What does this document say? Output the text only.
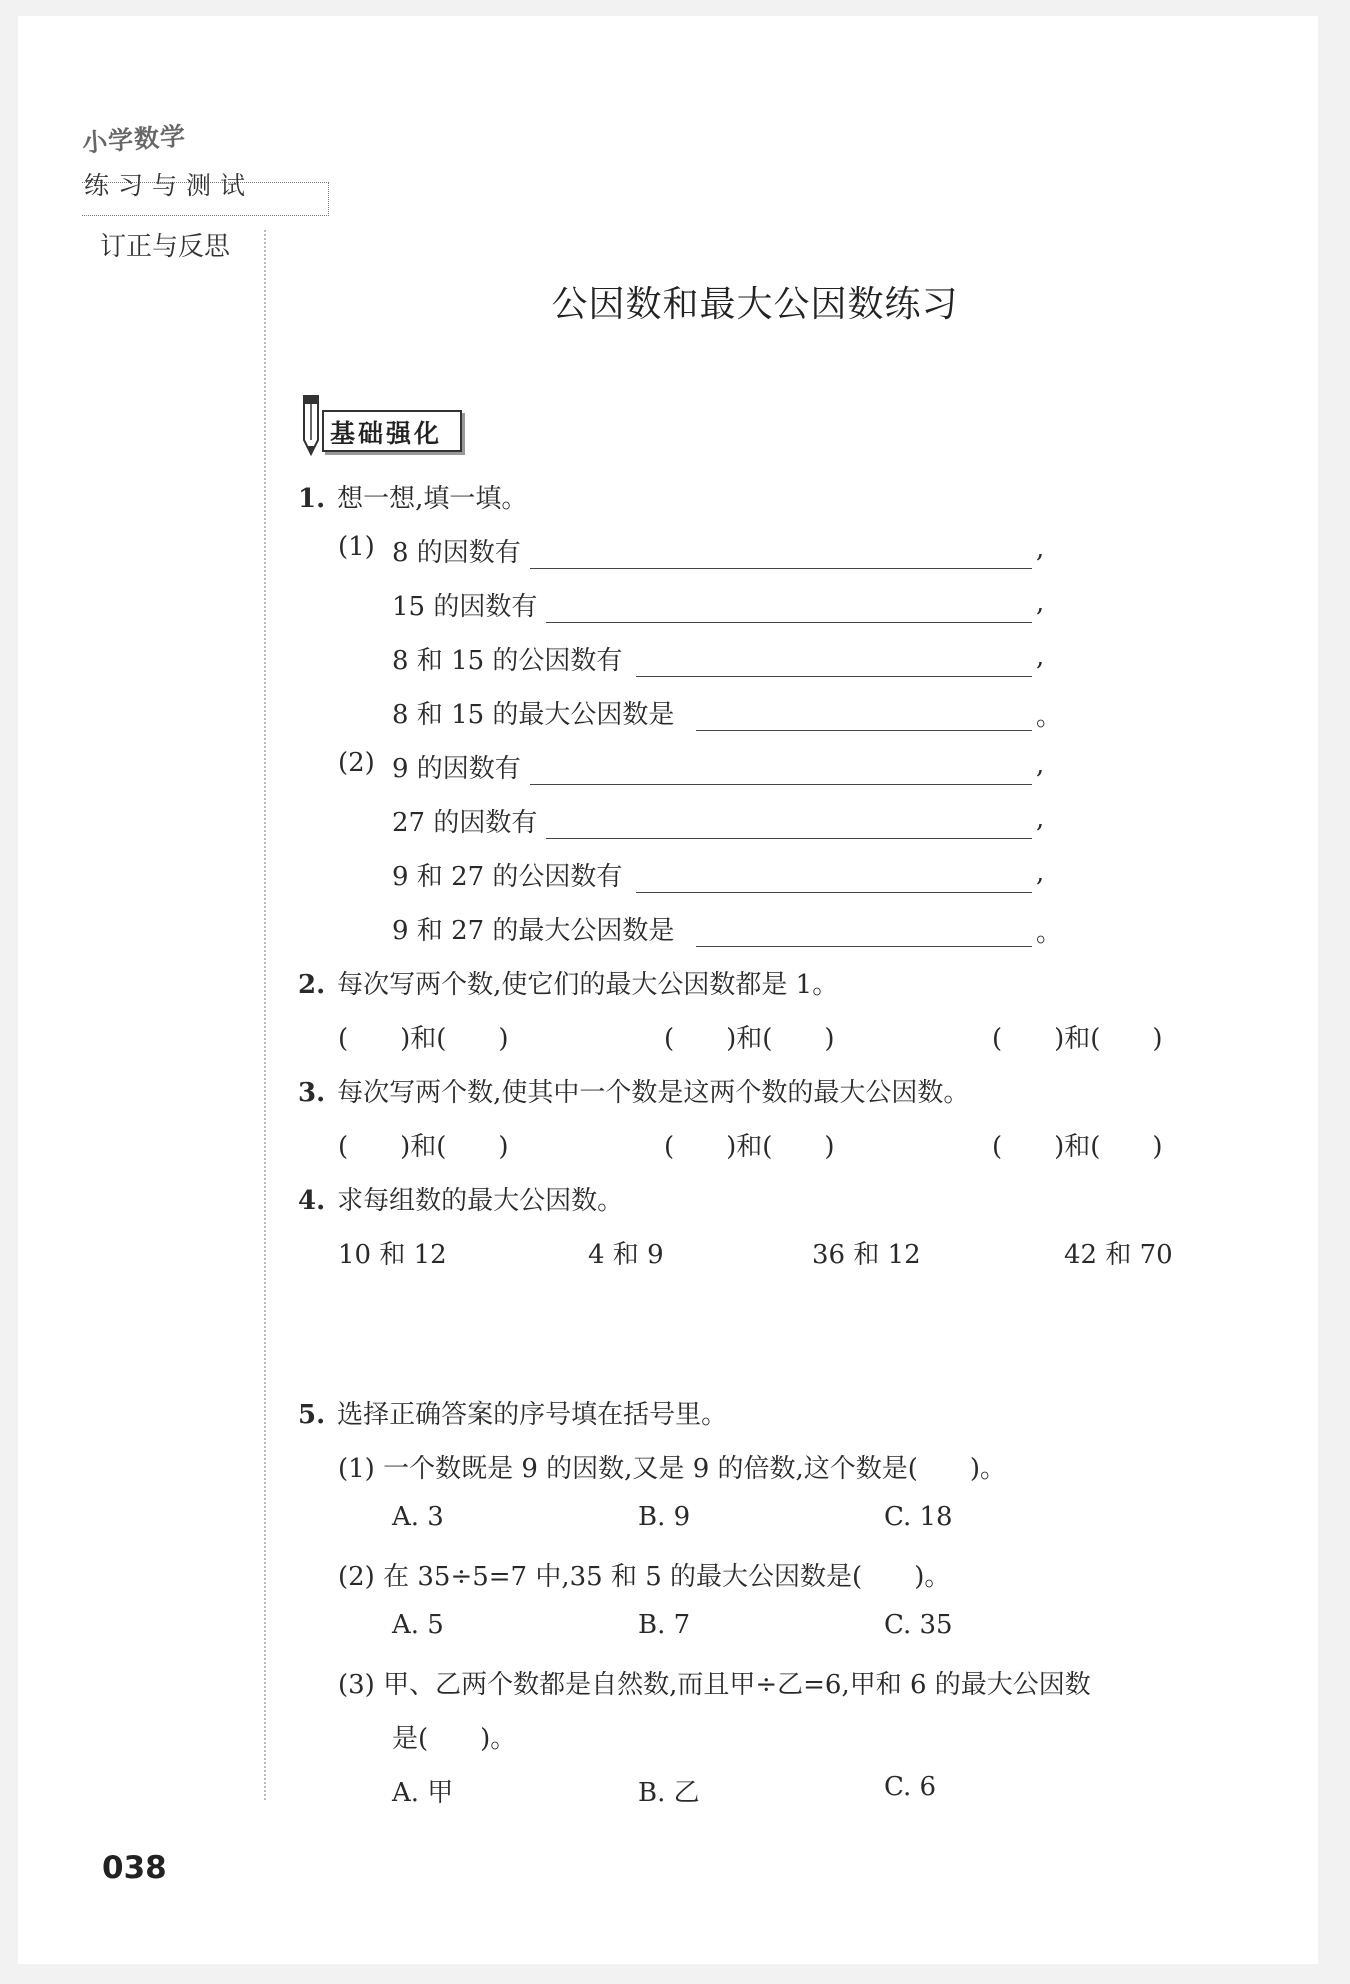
小学数学
练习与测试
订正与反思
公因数和最大公因数练习
基础强化
1. 想一想,填一填。
(1) 8 的因数有	,
15 的因数有	,
8 和 15 的公因数有	,
8 和 15 的最大公因数是	。
(2) 9 的因数有	,
27 的因数有	,
9 和 27 的公因数有	,
9 和 27 的最大公因数是	。
2. 每次写两个数,使它们的最大公因数都是 1。
(　　)和(　　)	(　　)和(　　)	(　　)和(　　)
3. 每次写两个数,使其中一个数是这两个数的最大公因数。
(　　)和(　　)	(　　)和(　　)	(　　)和(　　)
4. 求每组数的最大公因数。
10 和 12	4 和 9	36 和 12	42 和 70
5. 选择正确答案的序号填在括号里。
(1) 一个数既是 9 的因数,又是 9 的倍数,这个数是(　　)。
A. 3	B. 9	C. 18
(2) 在 35÷5=7 中,35 和 5 的最大公因数是(　　)。
A. 5	B. 7	C. 35
(3) 甲、乙两个数都是自然数,而且甲÷乙=6,甲和 6 的最大公因数
是(　　)。
A. 甲	B. 乙	C. 6
038
